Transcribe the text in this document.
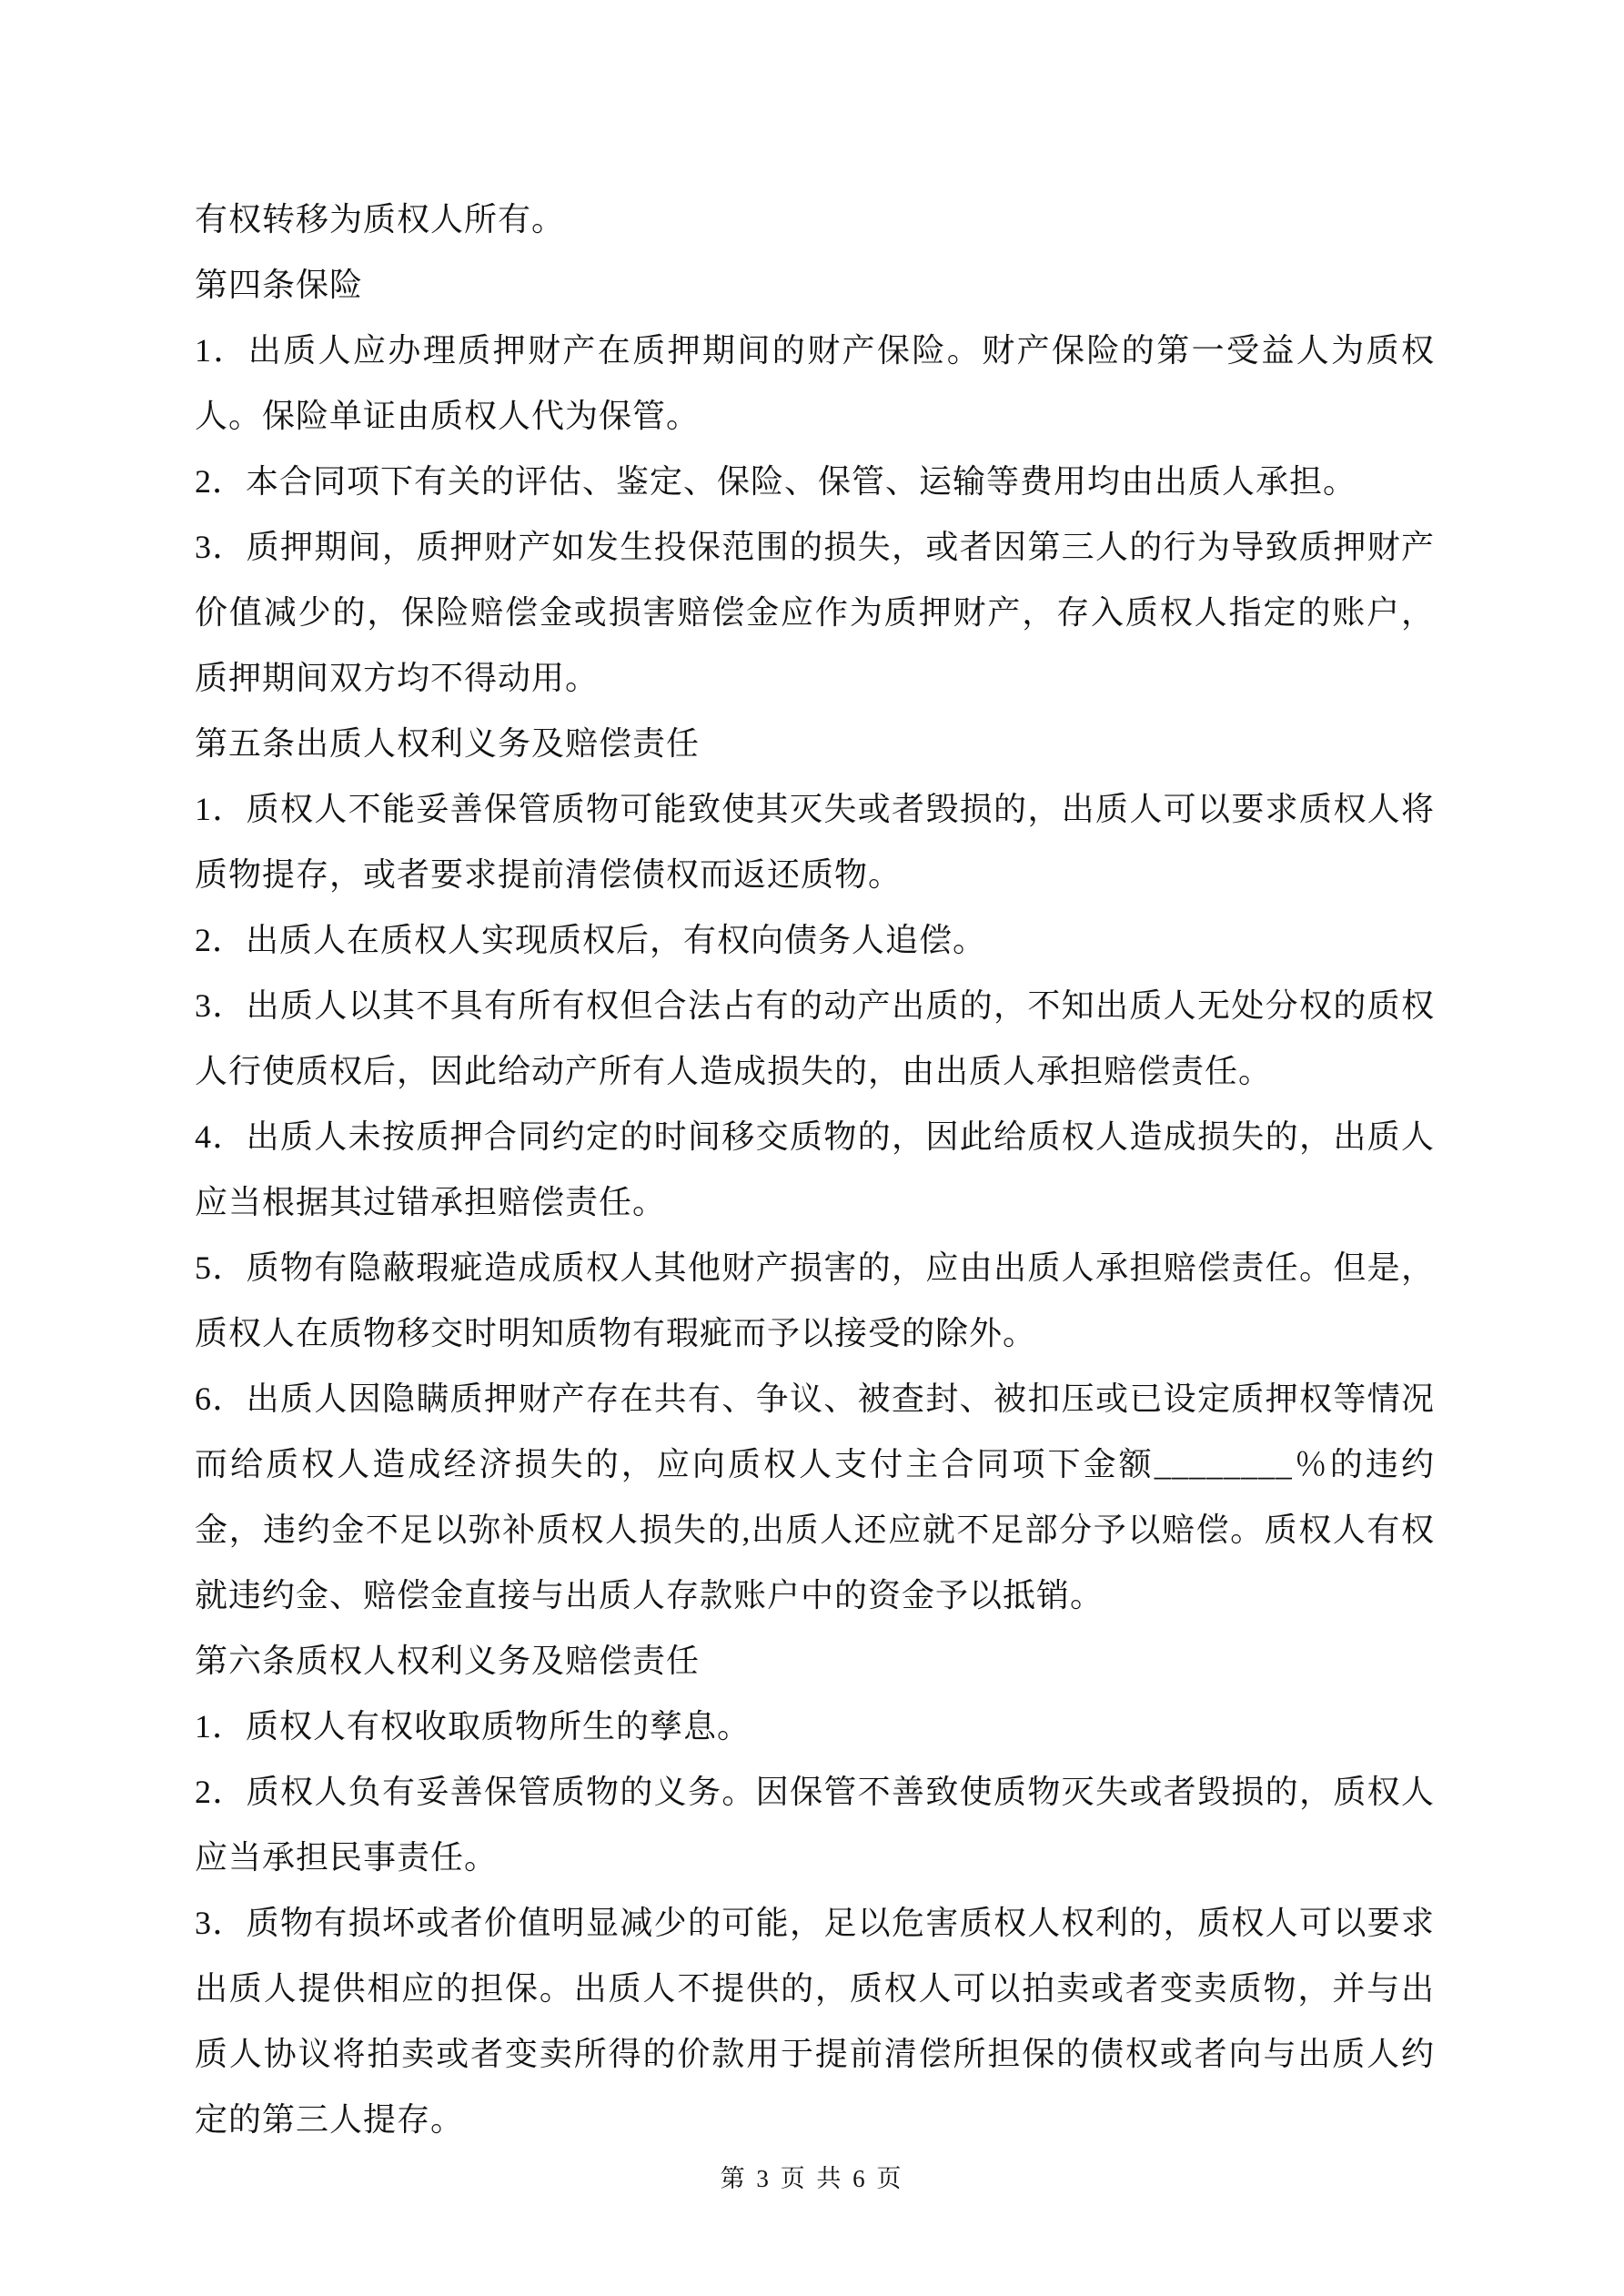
有权转移为质权人所有。

第四条保险

1．出质人应办理质押财产在质押期间的财产保险。财产保险的第一受益人为质权人。保险单证由质权人代为保管。

2．本合同项下有关的评估、鉴定、保险、保管、运输等费用均由出质人承担。

3．质押期间，质押财产如发生投保范围的损失，或者因第三人的行为导致质押财产价值减少的，保险赔偿金或损害赔偿金应作为质押财产，存入质权人指定的账户，质押期间双方均不得动用。

第五条出质人权利义务及赔偿责任

1．质权人不能妥善保管质物可能致使其灭失或者毁损的，出质人可以要求质权人将质物提存，或者要求提前清偿债权而返还质物。

2．出质人在质权人实现质权后，有权向债务人追偿。

3．出质人以其不具有所有权但合法占有的动产出质的，不知出质人无处分权的质权人行使质权后，因此给动产所有人造成损失的，由出质人承担赔偿责任。

4．出质人未按质押合同约定的时间移交质物的，因此给质权人造成损失的，出质人应当根据其过错承担赔偿责任。

5．质物有隐蔽瑕疵造成质权人其他财产损害的，应由出质人承担赔偿责任。但是，质权人在质物移交时明知质物有瑕疵而予以接受的除外。

6．出质人因隐瞒质押财产存在共有、争议、被查封、被扣压或已设定质押权等情况而给质权人造成经济损失的，应向质权人支付主合同项下金额________％的违约金，违约金不足以弥补质权人损失的,出质人还应就不足部分予以赔偿。质权人有权就违约金、赔偿金直接与出质人存款账户中的资金予以抵销。

第六条质权人权利义务及赔偿责任

1．质权人有权收取质物所生的孳息。

2．质权人负有妥善保管质物的义务。因保管不善致使质物灭失或者毁损的，质权人应当承担民事责任。

3．质物有损坏或者价值明显减少的可能，足以危害质权人权利的，质权人可以要求出质人提供相应的担保。出质人不提供的，质权人可以拍卖或者变卖质物，并与出质人协议将拍卖或者变卖所得的价款用于提前清偿所担保的债权或者向与出质人约定的第三人提存。

第 3 页 共 6 页
